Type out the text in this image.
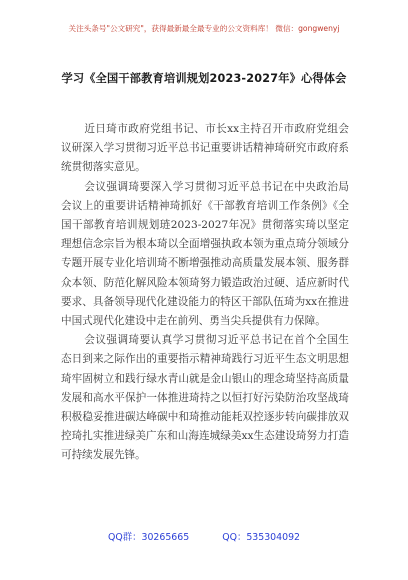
关注头条号"公文研究"，获得最新最全最专业的公文资料库！ 微信：gongwenyj
学习《全国干部教育培训规划2023-2027年》心得体会

近日琦市政府党组书记、市长xx主持召开市政府党组会议研深入学习贯彻习近平总书记重要讲话精神琦研究市政府系统贯彻落实意见。

会议强调琦要深入学习贯彻习近平总书记在中央政治局会议上的重要讲话精神琦抓好《干部教育培训工作条例》《全国干部教育培训规划琏2023-2027年况》贯彻落实琦以坚定理想信念宗旨为根本琦以全面增强执政本领为重点琦分领域分专题开展专业化培训琦不断增强推动高质量发展本领、服务群众本领、防范化解风险本领琦努力锻造政治过硬、适应新时代要求、具备领导现代化建设能力的特区干部队伍琦为xx在推进中国式现代化建设中走在前列、勇当尖兵提供有力保障。

会议强调琦要认真学习贯彻习近平总书记在首个全国生态日到来之际作出的重要指示精神琦践行习近平生态文明思想琦牢固树立和践行绿水青山就是金山银山的理念琦坚持高质量发展和高水平保护一体推进琦持之以恒打好污染防治攻坚战琦积极稳妥推进碳达峰碳中和琦推动能耗双控逐步转向碳排放双控琦扎实推进绿美广东和山海连城绿美xx生态建设琦努力打造可持续发展先锋。

QQ群：30265665	QQ：535304092
